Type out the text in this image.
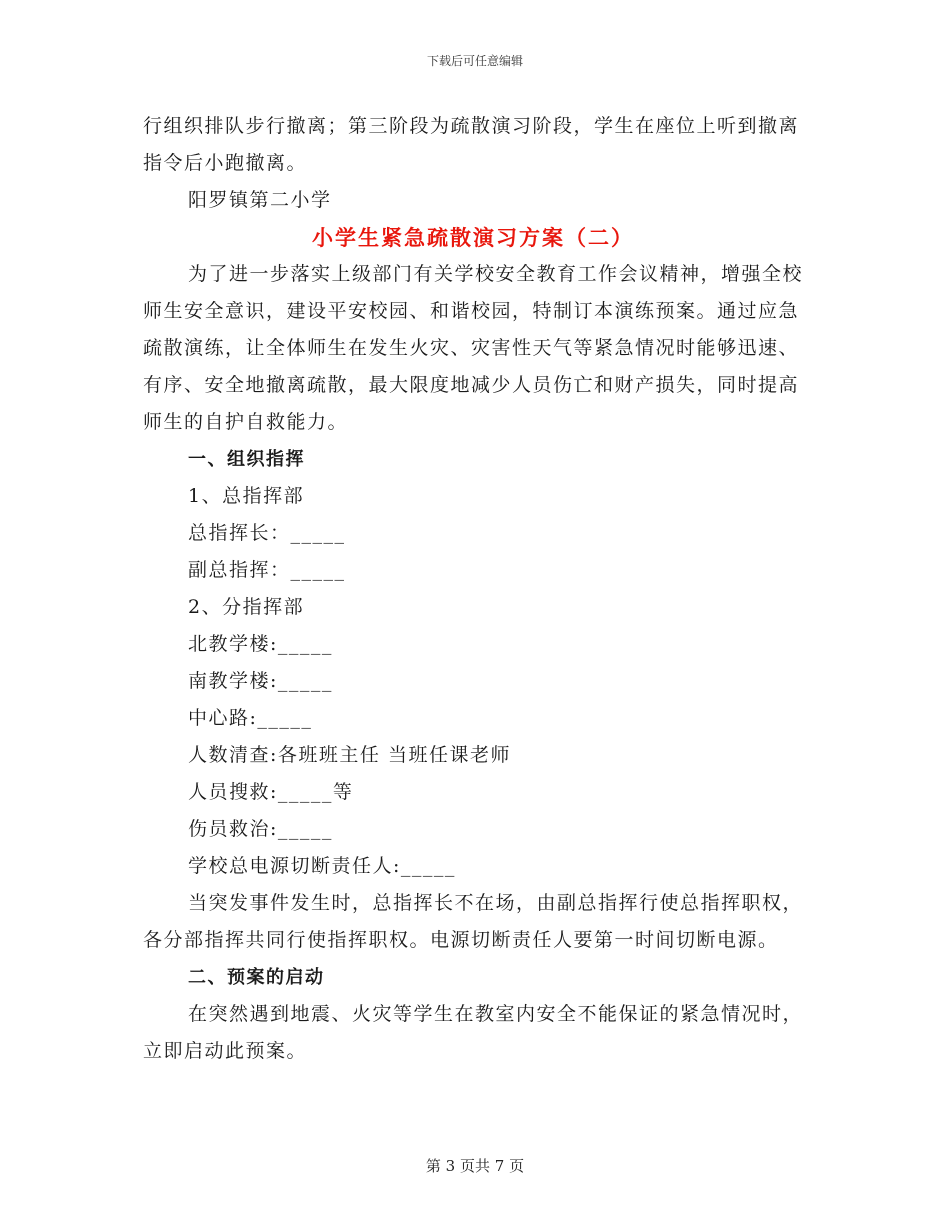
下载后可任意编辑

行组织排队步行撤离；第三阶段为疏散演习阶段，学生在座位上听到撤离指令后小跑撤离。

阳罗镇第二小学

小学生紧急疏散演习方案（二）

为了进一步落实上级部门有关学校安全教育工作会议精神，增强全校师生安全意识，建设平安校园、和谐校园，特制订本演练预案。通过应急疏散演练，让全体师生在发生火灾、灾害性天气等紧急情况时能够迅速、有序、安全地撤离疏散，最大限度地减少人员伤亡和财产损失，同时提高师生的自护自救能力。

一、组织指挥

1、总指挥部

总指挥长：_____

副总指挥：_____

2、分指挥部

北教学楼:_____

南教学楼:_____

中心路:_____

人数清查:各班班主任 当班任课老师

人员搜救:_____等

伤员救治:_____

学校总电源切断责任人:_____

当突发事件发生时，总指挥长不在场，由副总指挥行使总指挥职权，各分部指挥共同行使指挥职权。电源切断责任人要第一时间切断电源。

二、预案的启动

在突然遇到地震、火灾等学生在教室内安全不能保证的紧急情况时，立即启动此预案。

第 3 页共 7 页
